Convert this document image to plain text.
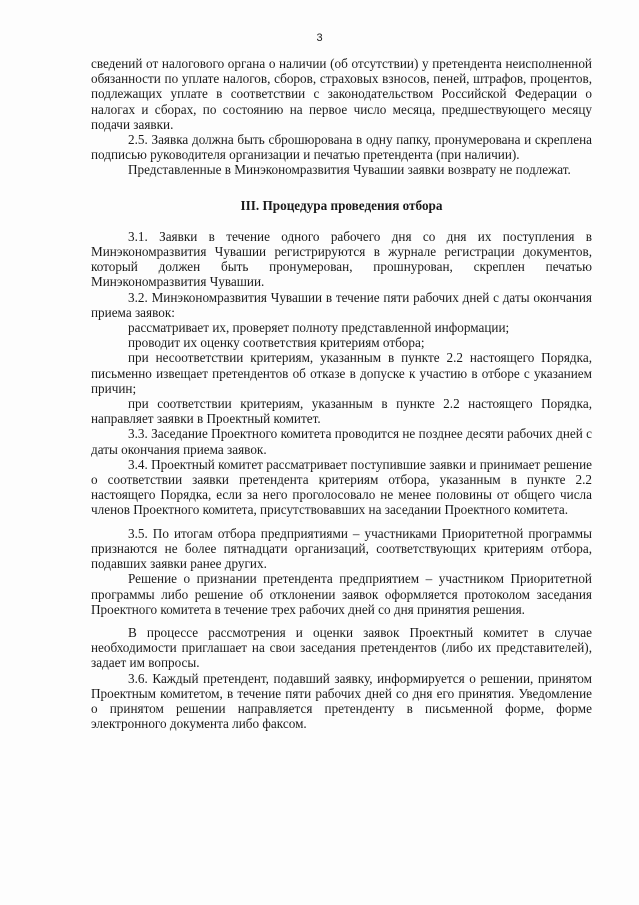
3

сведений от налогового органа о наличии (об отсутствии) у претендента неисполненной обязанности по уплате налогов, сборов, страховых взносов, пеней, штрафов, процентов, подлежащих уплате в соответствии с законодательством Российской Федерации о налогах и сборах, по состоянию на первое число месяца, предшествующего месяцу подачи заявки.

2.5. Заявка должна быть сброшюрована в одну папку, пронумерована и скреплена подписью руководителя организации и печатью претендента (при наличии).

Представленные в Минэкономразвития Чувашии заявки возврату не подлежат.

III. Процедура проведения отбора

3.1. Заявки в течение одного рабочего дня со дня их поступления в Минэкономразвития Чувашии регистрируются в журнале регистрации документов, который должен быть пронумерован, прошнурован, скреплен печатью Минэкономразвития Чувашии.

3.2. Минэкономразвития Чувашии в течение пяти рабочих дней с даты окончания приема заявок:

рассматривает их, проверяет полноту представленной информации;

проводит их оценку соответствия критериям отбора;

при несоответствии критериям, указанным в пункте 2.2 настоящего Порядка, письменно извещает претендентов об отказе в допуске к участию в отборе с указанием причин;

при соответствии критериям, указанным в пункте 2.2 настоящего Порядка, направляет заявки в Проектный комитет.

3.3. Заседание Проектного комитета проводится не позднее десяти рабочих дней с даты окончания приема заявок.

3.4. Проектный комитет рассматривает поступившие заявки и принимает решение о соответствии заявки претендента критериям отбора, указанным в пункте 2.2 настоящего Порядка, если за него проголосовало не менее половины от общего числа членов Проектного комитета, присутствовавших на заседании Проектного комитета.

3.5. По итогам отбора предприятиями – участниками Приоритетной программы признаются не более пятнадцати организаций, соответствующих критериям отбора, подавших заявки ранее других.

Решение о признании претендента предприятием – участником Приоритетной программы либо решение об отклонении заявок оформляется протоколом заседания Проектного комитета в течение трех рабочих дней со дня принятия решения.

В процессе рассмотрения и оценки заявок Проектный комитет в случае необходимости приглашает на свои заседания претендентов (либо их представителей), задает им вопросы.

3.6. Каждый претендент, подавший заявку, информируется о решении, принятом Проектным комитетом, в течение пяти рабочих дней со дня его принятия. Уведомление о принятом решении направляется претенденту в письменной форме, форме электронного документа либо факсом.
